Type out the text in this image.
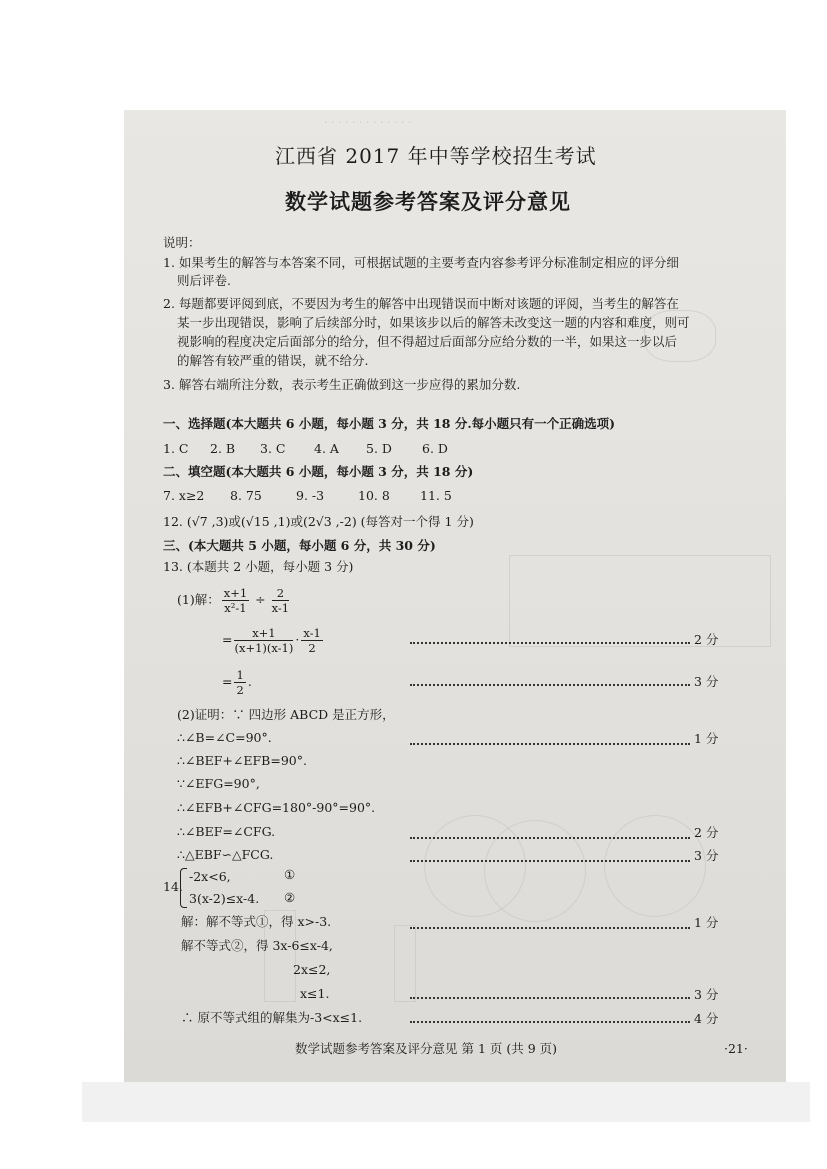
· · · · · · · · · · · · ·
江西省 2017 年中等学校招生考试
数学试题参考答案及评分意见
说明：
1. 如果考生的解答与本答案不同，可根据试题的主要考查内容参考评分标准制定相应的评分细
则后评卷.
2. 每题都要评阅到底，不要因为考生的解答中出现错误而中断对该题的评阅，当考生的解答在
某一步出现错误，影响了后续部分时，如果该步以后的解答未改变这一题的内容和难度，则可
视影响的程度决定后面部分的给分，但不得超过后面部分应给分数的一半，如果这一步以后
的解答有较严重的错误，就不给分.
3. 解答右端所注分数，表示考生正确做到这一步应得的累加分数.
一、选择题(本大题共 6 小题，每小题 3 分，共 18 分.每小题只有一个正确选项)
1. C 2. B 3. C 4. A 5. D 6. D
二、填空题(本大题共 6 小题，每小题 3 分，共 18 分)
7. x≥2 8. 75	9. -3	10. 8 11. 5
12. (√7 ,3)或(√15 ,1)或(2√3 ,-2) (每答对一个得 1 分)
三、(本大题共 5 小题，每小题 6 分，共 30 分)
13. (本题共 2 小题，每小题 3 分)
(1)解： $\frac{x+1}{\text{x²-1}} \div \frac{2}{x-1}$
= $\frac{x+1}{(x+1)(x-1)} \cdot \frac{x-1}{2}$	2 分
= $\frac{1}{2}$ .	3 分
(2)证明：∵ 四边形 ABCD 是正方形，
∴∠B=∠C=90°.	1 分
∴∠BEF+∠EFB=90°.
∵∠EFG=90°,
∴∠EFB+∠CFG=180°-90°=90°.
∴∠BEF=∠CFG.	2 分
∴△EBF∽△FCG.	3 分
14.
-2x<6,	①
3(x-2)≤x-4. ②
解：解不等式①，得 x>-3.	1 分
解不等式②，得 3x-6≤x-4,
2x≤2,
x≤1.	3 分
∴ 原不等式组的解集为-3<x≤1.	4 分
数学试题参考答案及评分意见 第 1 页 (共 9 页)	·21·
